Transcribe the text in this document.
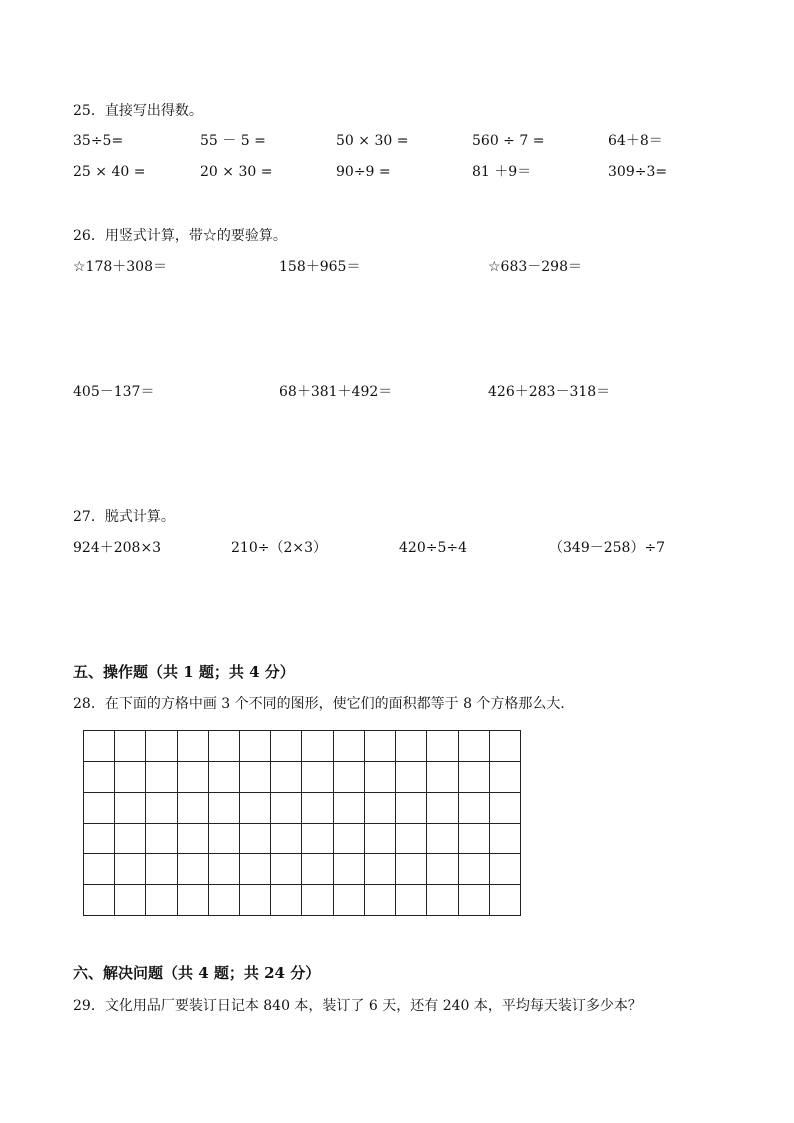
25．直接写出得数。
35÷5=	55 － 5 =	50 × 30 =	560 ÷ 7 =	64＋8＝
25 × 40 =	20 × 30 =	90÷9 =	81 ＋9＝	309÷3=
26．用竖式计算，带☆的要验算。
☆178＋308＝	158＋965＝	☆683－298＝
405－137＝	68＋381＋492＝	426＋283－318＝
27．脱式计算。
924＋208×3	210÷（2×3）	420÷5÷4	（349－258）÷7
五、操作题（共 1 题；共 4 分）
28．在下面的方格中画 3 个不同的图形，使它们的面积都等于 8 个方格那么大．
六、解决问题（共 4 题；共 24 分）
29．文化用品厂要装订日记本 840 本，装订了 6 天，还有 240 本，平均每天装订多少本？
